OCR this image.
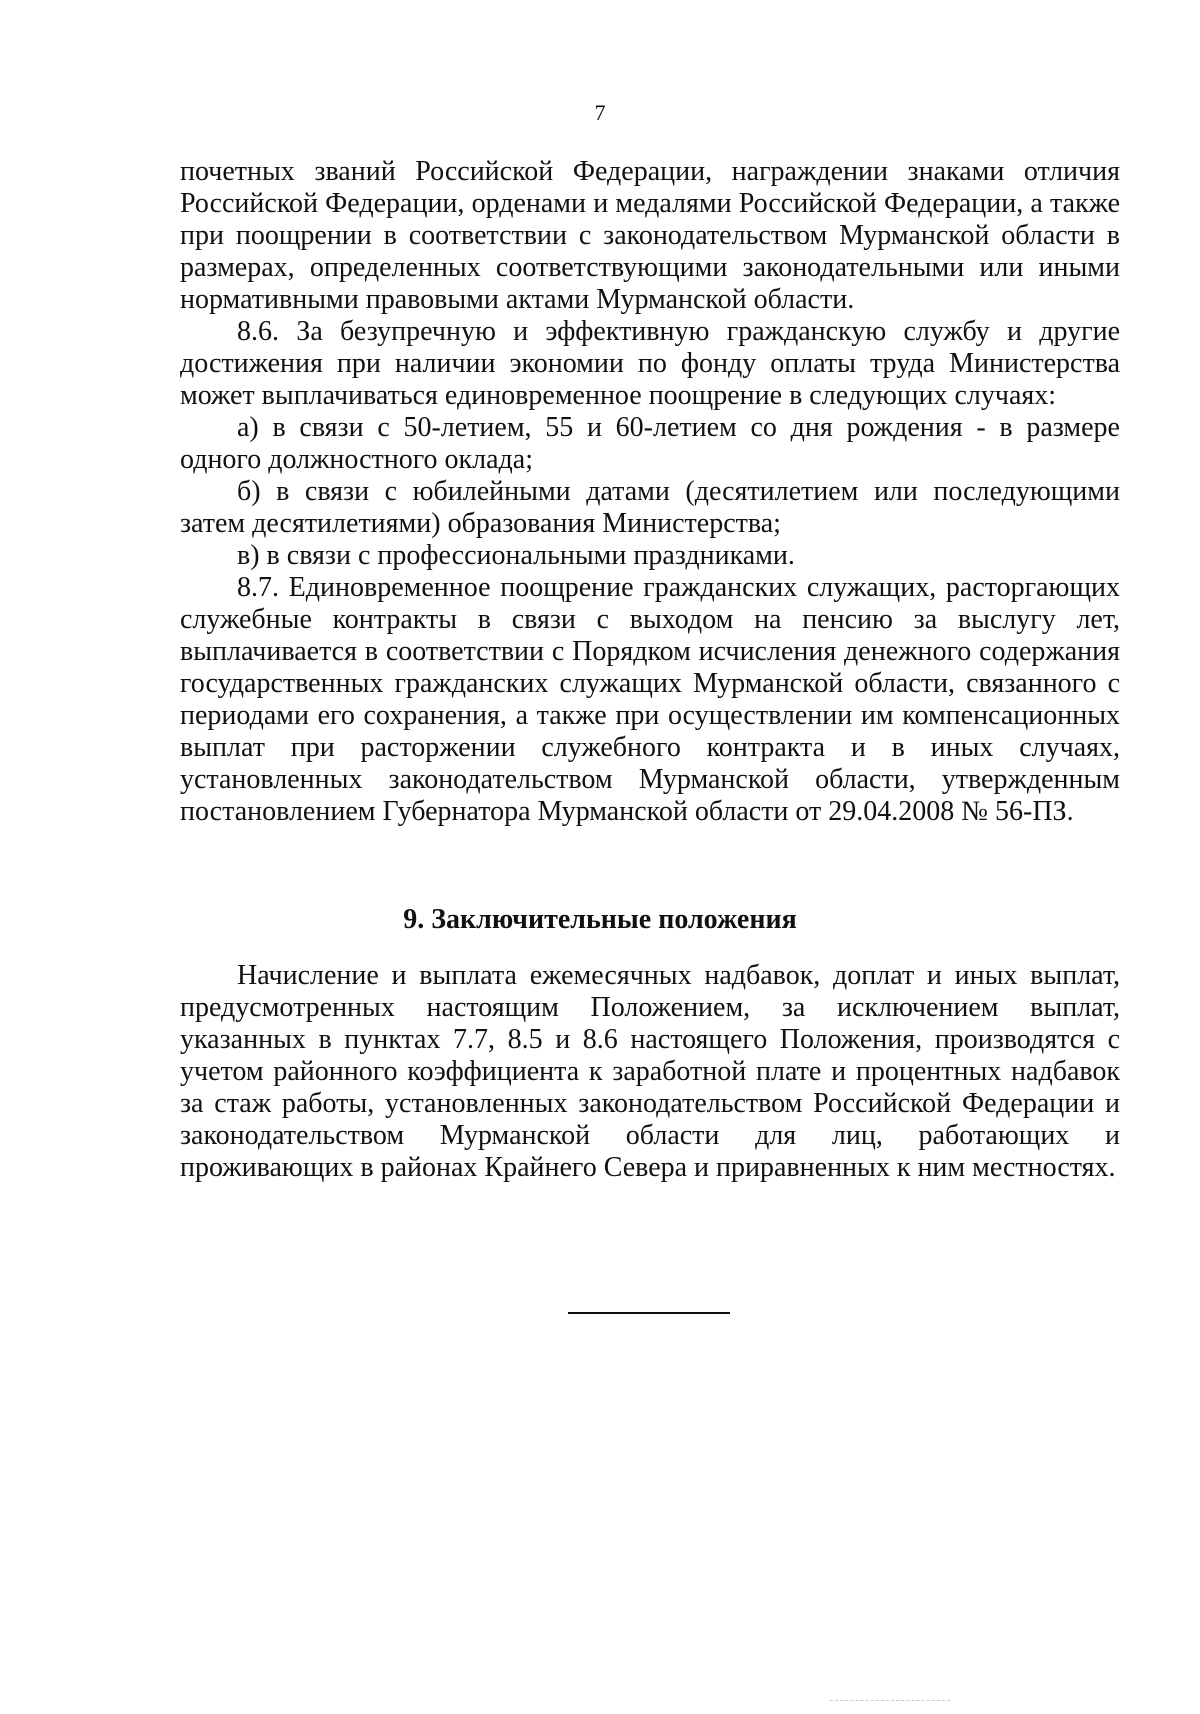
7

почетных званий Российской Федерации, награждении знаками отличия Российской Федерации, орденами и медалями Российской Федерации, а также при поощрении в соответствии с законодательством Мурманской области в размерах, определенных соответствующими законодательными или иными нормативными правовыми актами Мурманской области.

8.6. За безупречную и эффективную гражданскую службу и другие достижения при наличии экономии по фонду оплаты труда Министерства может выплачиваться единовременное поощрение в следующих случаях:

а) в связи с 50-летием, 55 и 60-летием со дня рождения - в размере одного должностного оклада;

б) в связи с юбилейными датами (десятилетием или последующими затем десятилетиями) образования Министерства;

в) в связи с профессиональными праздниками.

8.7. Единовременное поощрение гражданских служащих, расторгающих служебные контракты в связи с выходом на пенсию за выслугу лет, выплачивается в соответствии с Порядком исчисления денежного содержания государственных гражданских служащих Мурманской области, связанного с периодами его сохранения, а также при осуществлении им компенсационных выплат при расторжении служебного контракта и в иных случаях, установленных законодательством Мурманской области, утвержденным постановлением Губернатора Мурманской области от 29.04.2008 № 56-ПЗ.

9. Заключительные положения

Начисление и выплата ежемесячных надбавок, доплат и иных выплат, предусмотренных настоящим Положением, за исключением выплат, указанных в пунктах 7.7, 8.5 и 8.6 настоящего Положения, производятся с учетом районного коэффициента к заработной плате и процентных надбавок за стаж работы, установленных законодательством Российской Федерации и законодательством Мурманской области для лиц, работающих и проживающих в районах Крайнего Севера и приравненных к ним местностях.
